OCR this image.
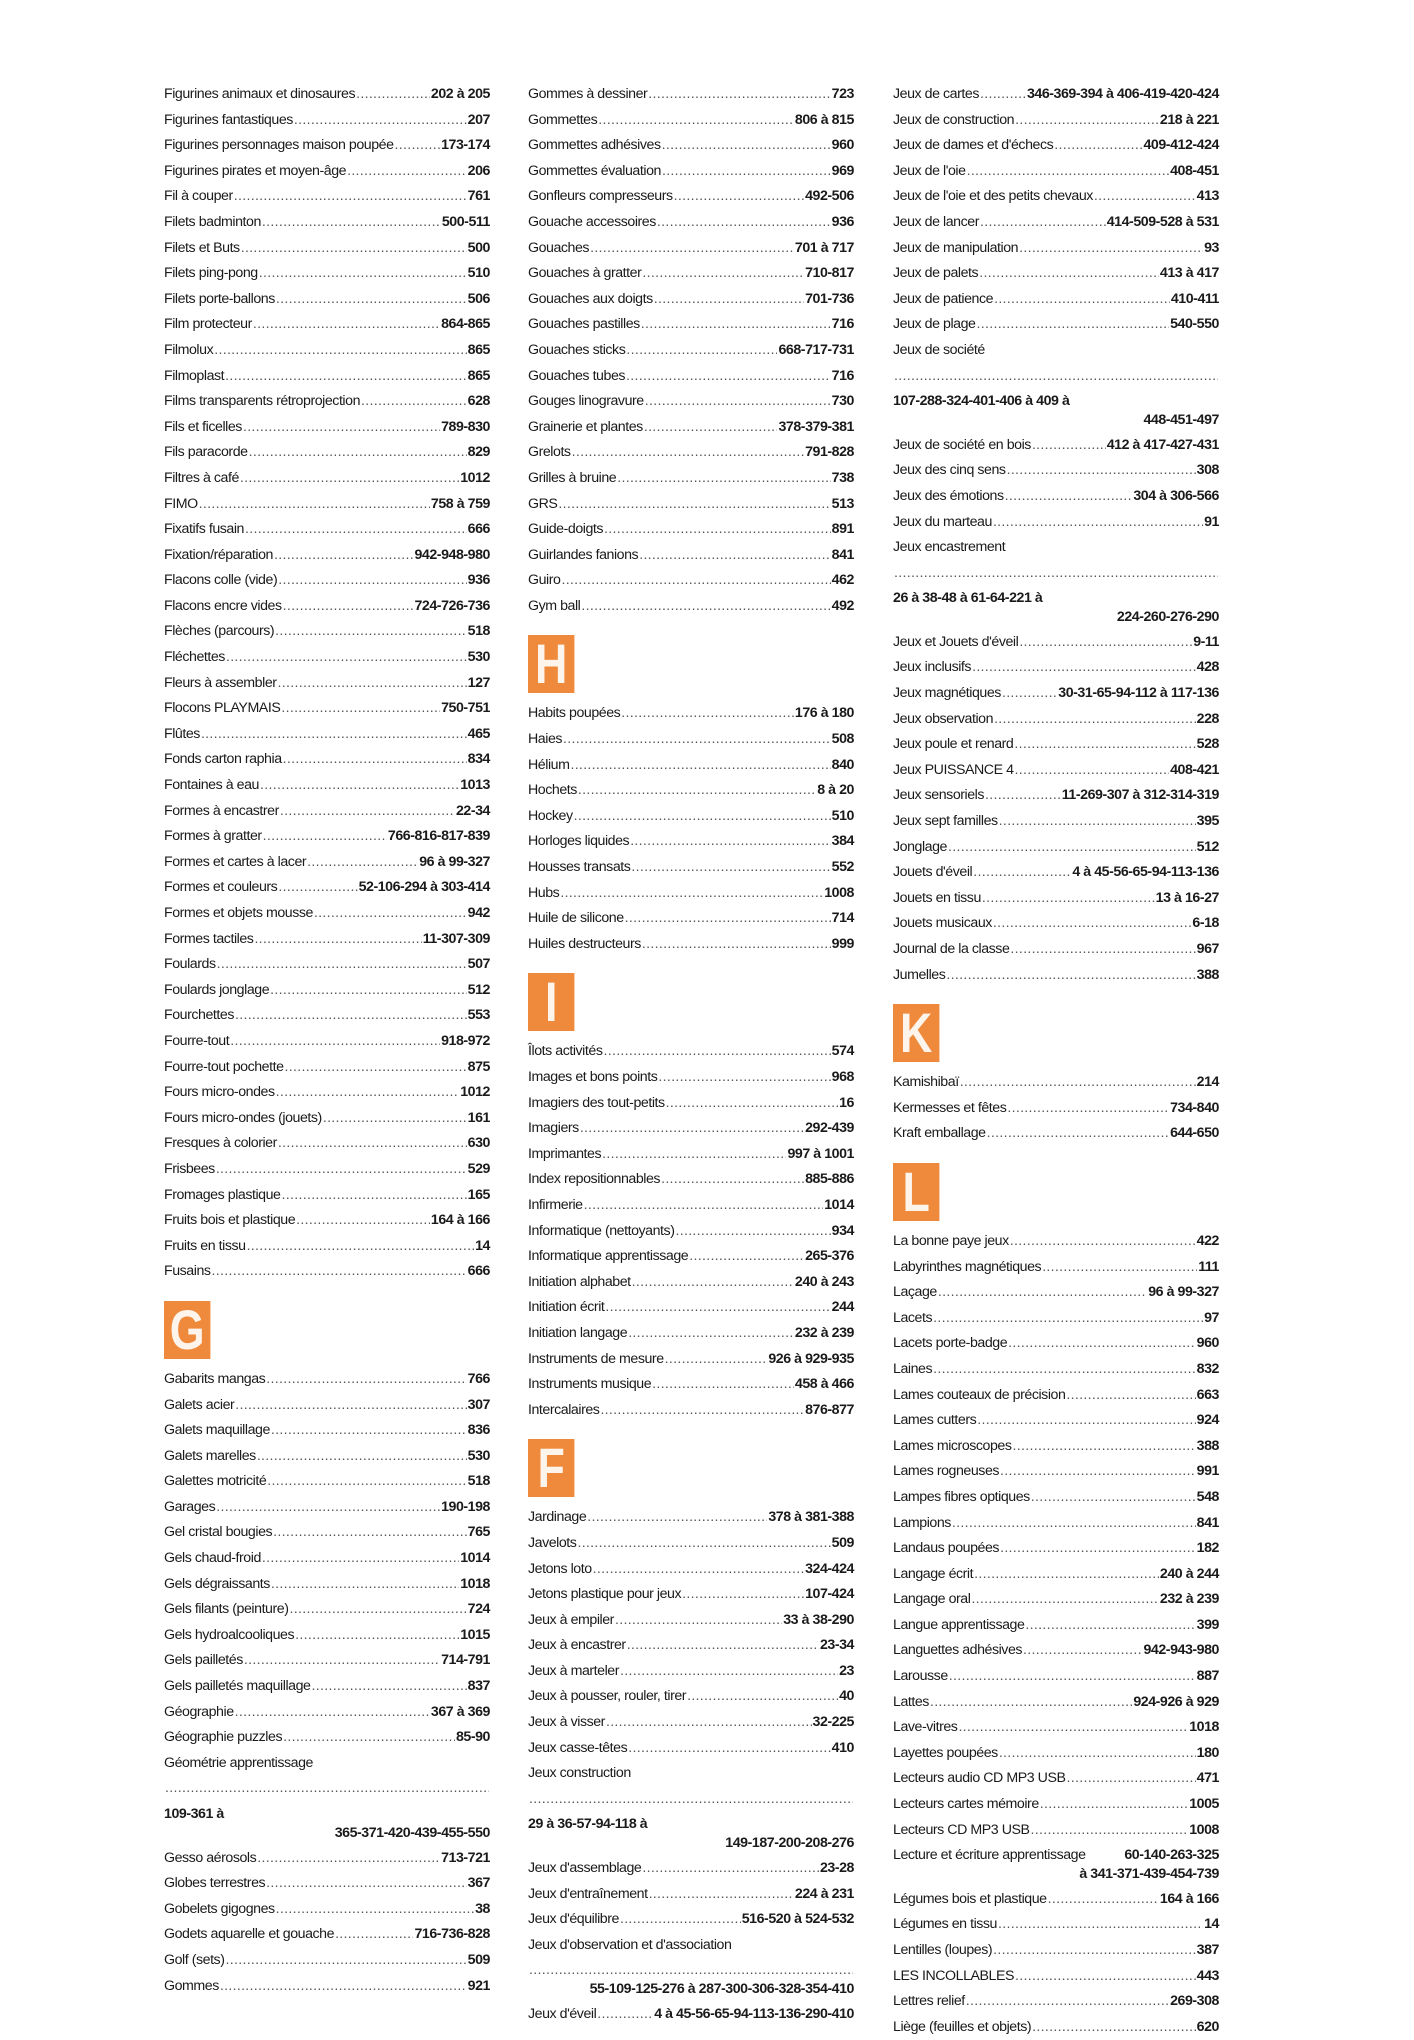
Figurines animaux et dinosaures .....	202 à 205
Figurines fantastiques .....	207
Figurines personnages maison poupée .....	173-174
Figurines pirates et moyen-âge .....	206
Fil à couper .....	761
Filets badminton .....	500-511
Filets et Buts .....	500
Filets ping-pong .....	510
Filets porte-ballons .....	506
Film protecteur .....	864-865
Filmolux .....	865
Filmoplast .....	865
Films transparents rétroprojection .....	628
Fils et ficelles .....	789-830
Fils paracorde .....	829
Filtres à café .....	1012
FIMO .....	758 à 759
Fixatifs fusain .....	666
Fixation/réparation .....	942-948-980
Flacons colle (vide) .....	936
Flacons encre vides .....	724-726-736
Flèches (parcours) .....	518
Fléchettes .....	530
Fleurs à assembler .....	127
Flocons PLAYMAIS .....	750-751
Flûtes .....	465
Fonds carton raphia .....	834
Fontaines à eau .....	1013
Formes à encastrer .....	22-34
Formes à gratter .....	766-816-817-839
Formes et cartes à lacer .....	96 à 99-327
Formes et couleurs .....	52-106-294 à 303-414
Formes et objets mousse .....	942
Formes tactiles .....	11-307-309
Foulards .....	507
Foulards jonglage .....	512
Fourchettes .....	553
Fourre-tout .....	918-972
Fourre-tout pochette .....	875
Fours micro-ondes .....	1012
Fours micro-ondes (jouets) .....	161
Fresques à colorier .....	630
Frisbees .....	529
Fromages plastique .....	165
Fruits bois et plastique .....	164 à 166
Fruits en tissu .....	14
Fusains .....	666
G
Gabarits mangas .....	766
Galets acier .....	307
Galets maquillage .....	836
Galets marelles .....	530
Galettes motricité .....	518
Garages .....	190-198
Gel cristal bougies .....	765
Gels chaud-froid .....	1014
Gels dégraissants .....	1018
Gels filants (peinture) .....	724
Gels hydroalcooliques .....	1015
Gels pailletés .....	714-791
Gels pailletés maquillage .....	837
Géographie .....	367 à 369
Géographie puzzles .....	85-90
Géométrie apprentissage
.....
109-361 à
365-371-420-439-455-550
Gesso aérosols .....	713-721
Globes terrestres .....	367
Gobelets gigognes .....	38
Godets aquarelle et gouache .....	716-736-828
Golf (sets) .....	509
Gommes .....	921
Gommes à dessiner .....	723
Gommettes .....	806 à 815
Gommettes adhésives .....	960
Gommettes évaluation .....	969
Gonfleurs compresseurs .....	492-506
Gouache accessoires .....	936
Gouaches .....	701 à 717
Gouaches à gratter .....	710-817
Gouaches aux doigts .....	701-736
Gouaches pastilles .....	716
Gouaches sticks .....	668-717-731
Gouaches tubes .....	716
Gouges linogravure .....	730
Grainerie et plantes .....	378-379-381
Grelots .....	791-828
Grilles à bruine .....	738
GRS .....	513
Guide-doigts .....	891
Guirlandes fanions .....	841
Guiro .....	462
Gym ball .....	492
H
Habits poupées .....	176 à 180
Haies .....	508
Hélium .....	840
Hochets .....	8 à 20
Hockey .....	510
Horloges liquides .....	384
Housses transats .....	552
Hubs .....	1008
Huile de silicone .....	714
Huiles destructeurs .....	999
I
Îlots activités .....	574
Images et bons points .....	968
Imagiers des tout-petits .....	16
Imagiers .....	292-439
Imprimantes .....	997 à 1001
Index repositionnables .....	885-886
Infirmerie .....	1014
Informatique (nettoyants) .....	934
Informatique apprentissage .....	265-376
Initiation alphabet .....	240 à 243
Initiation écrit .....	244
Initiation langage .....	232 à 239
Instruments de mesure .....	926 à 929-935
Instruments musique .....	458 à 466
Intercalaires .....	876-877
F
Jardinage .....	378 à 381-388
Javelots .....	509
Jetons loto .....	324-424
Jetons plastique pour jeux .....	107-424
Jeux à empiler .....	33 à 38-290
Jeux à encastrer .....	23-34
Jeux à marteler .....	23
Jeux à pousser, rouler, tirer .....	40
Jeux à visser .....	32-225
Jeux casse-têtes .....	410
Jeux construction
.....
29 à 36-57-94-118 à
149-187-200-208-276
Jeux d'assemblage .....	23-28
Jeux d'entraînement .....	224 à 231
Jeux d'équilibre .....	516-520 à 524-532
Jeux d'observation et d'association
.....
55-109-125-276 à 287-300-306-328-354-410
Jeux d'éveil .....	4 à 45-56-65-94-113-136-290-410
Jeux de cartes .....	346-369-394 à 406-419-420-424
Jeux de construction .....	218 à 221
Jeux de dames et d'échecs .....	409-412-424
Jeux de l'oie .....	408-451
Jeux de l'oie et des petits chevaux .....	413
Jeux de lancer .....	414-509-528 à 531
Jeux de manipulation .....	93
Jeux de palets .....	413 à 417
Jeux de patience .....	410-411
Jeux de plage .....	540-550
Jeux de société
.....
107-288-324-401-406 à 409 à
448-451-497
Jeux de société en bois .....	412 à 417-427-431
Jeux des cinq sens .....	308
Jeux des émotions .....	304 à 306-566
Jeux du marteau .....	91
Jeux encastrement
.....
26 à 38-48 à 61-64-221 à
224-260-276-290
Jeux et Jouets d'éveil .....	9-11
Jeux inclusifs .....	428
Jeux magnétiques .....	30-31-65-94-112 à 117-136
Jeux observation .....	228
Jeux poule et renard .....	528
Jeux PUISSANCE 4 .....	408-421
Jeux sensoriels .....	11-269-307 à 312-314-319
Jeux sept familles .....	395
Jonglage .....	512
Jouets d'éveil .....	4 à 45-56-65-94-113-136
Jouets en tissu .....	13 à 16-27
Jouets musicaux .....	6-18
Journal de la classe .....	967
Jumelles .....	388
K
Kamishibaï .....	214
Kermesses et fêtes .....	734-840
Kraft emballage .....	644-650
L
La bonne paye jeux .....	422
Labyrinthes magnétiques .....	111
Laçage .....	96 à 99-327
Lacets .....	97
Lacets porte-badge .....	960
Laines .....	832
Lames couteaux de précision .....	663
Lames cutters .....	924
Lames microscopes .....	388
Lames rogneuses .....	991
Lampes fibres optiques .....	548
Lampions .....	841
Landaus poupées .....	182
Langage écrit .....	240 à 244
Langage oral .....	232 à 239
Langue apprentissage .....	399
Languettes adhésives .....	942-943-980
Larousse .....	887
Lattes .....	924-926 à 929
Lave-vitres .....	1018
Layettes poupées .....	180
Lecteurs audio CD MP3 USB .....	471
Lecteurs cartes mémoire .....	1005
Lecteurs CD MP3 USB .....	1008
Lecture et écriture apprentissage	60-140-263-325
à 341-371-439-454-739
Légumes bois et plastique .....	164 à 166
Légumes en tissu .....	14
Lentilles (loupes) .....	387
LES INCOLLABLES .....	443
Lettres relief .....	269-308
Liège (feuilles et objets) .....	620
